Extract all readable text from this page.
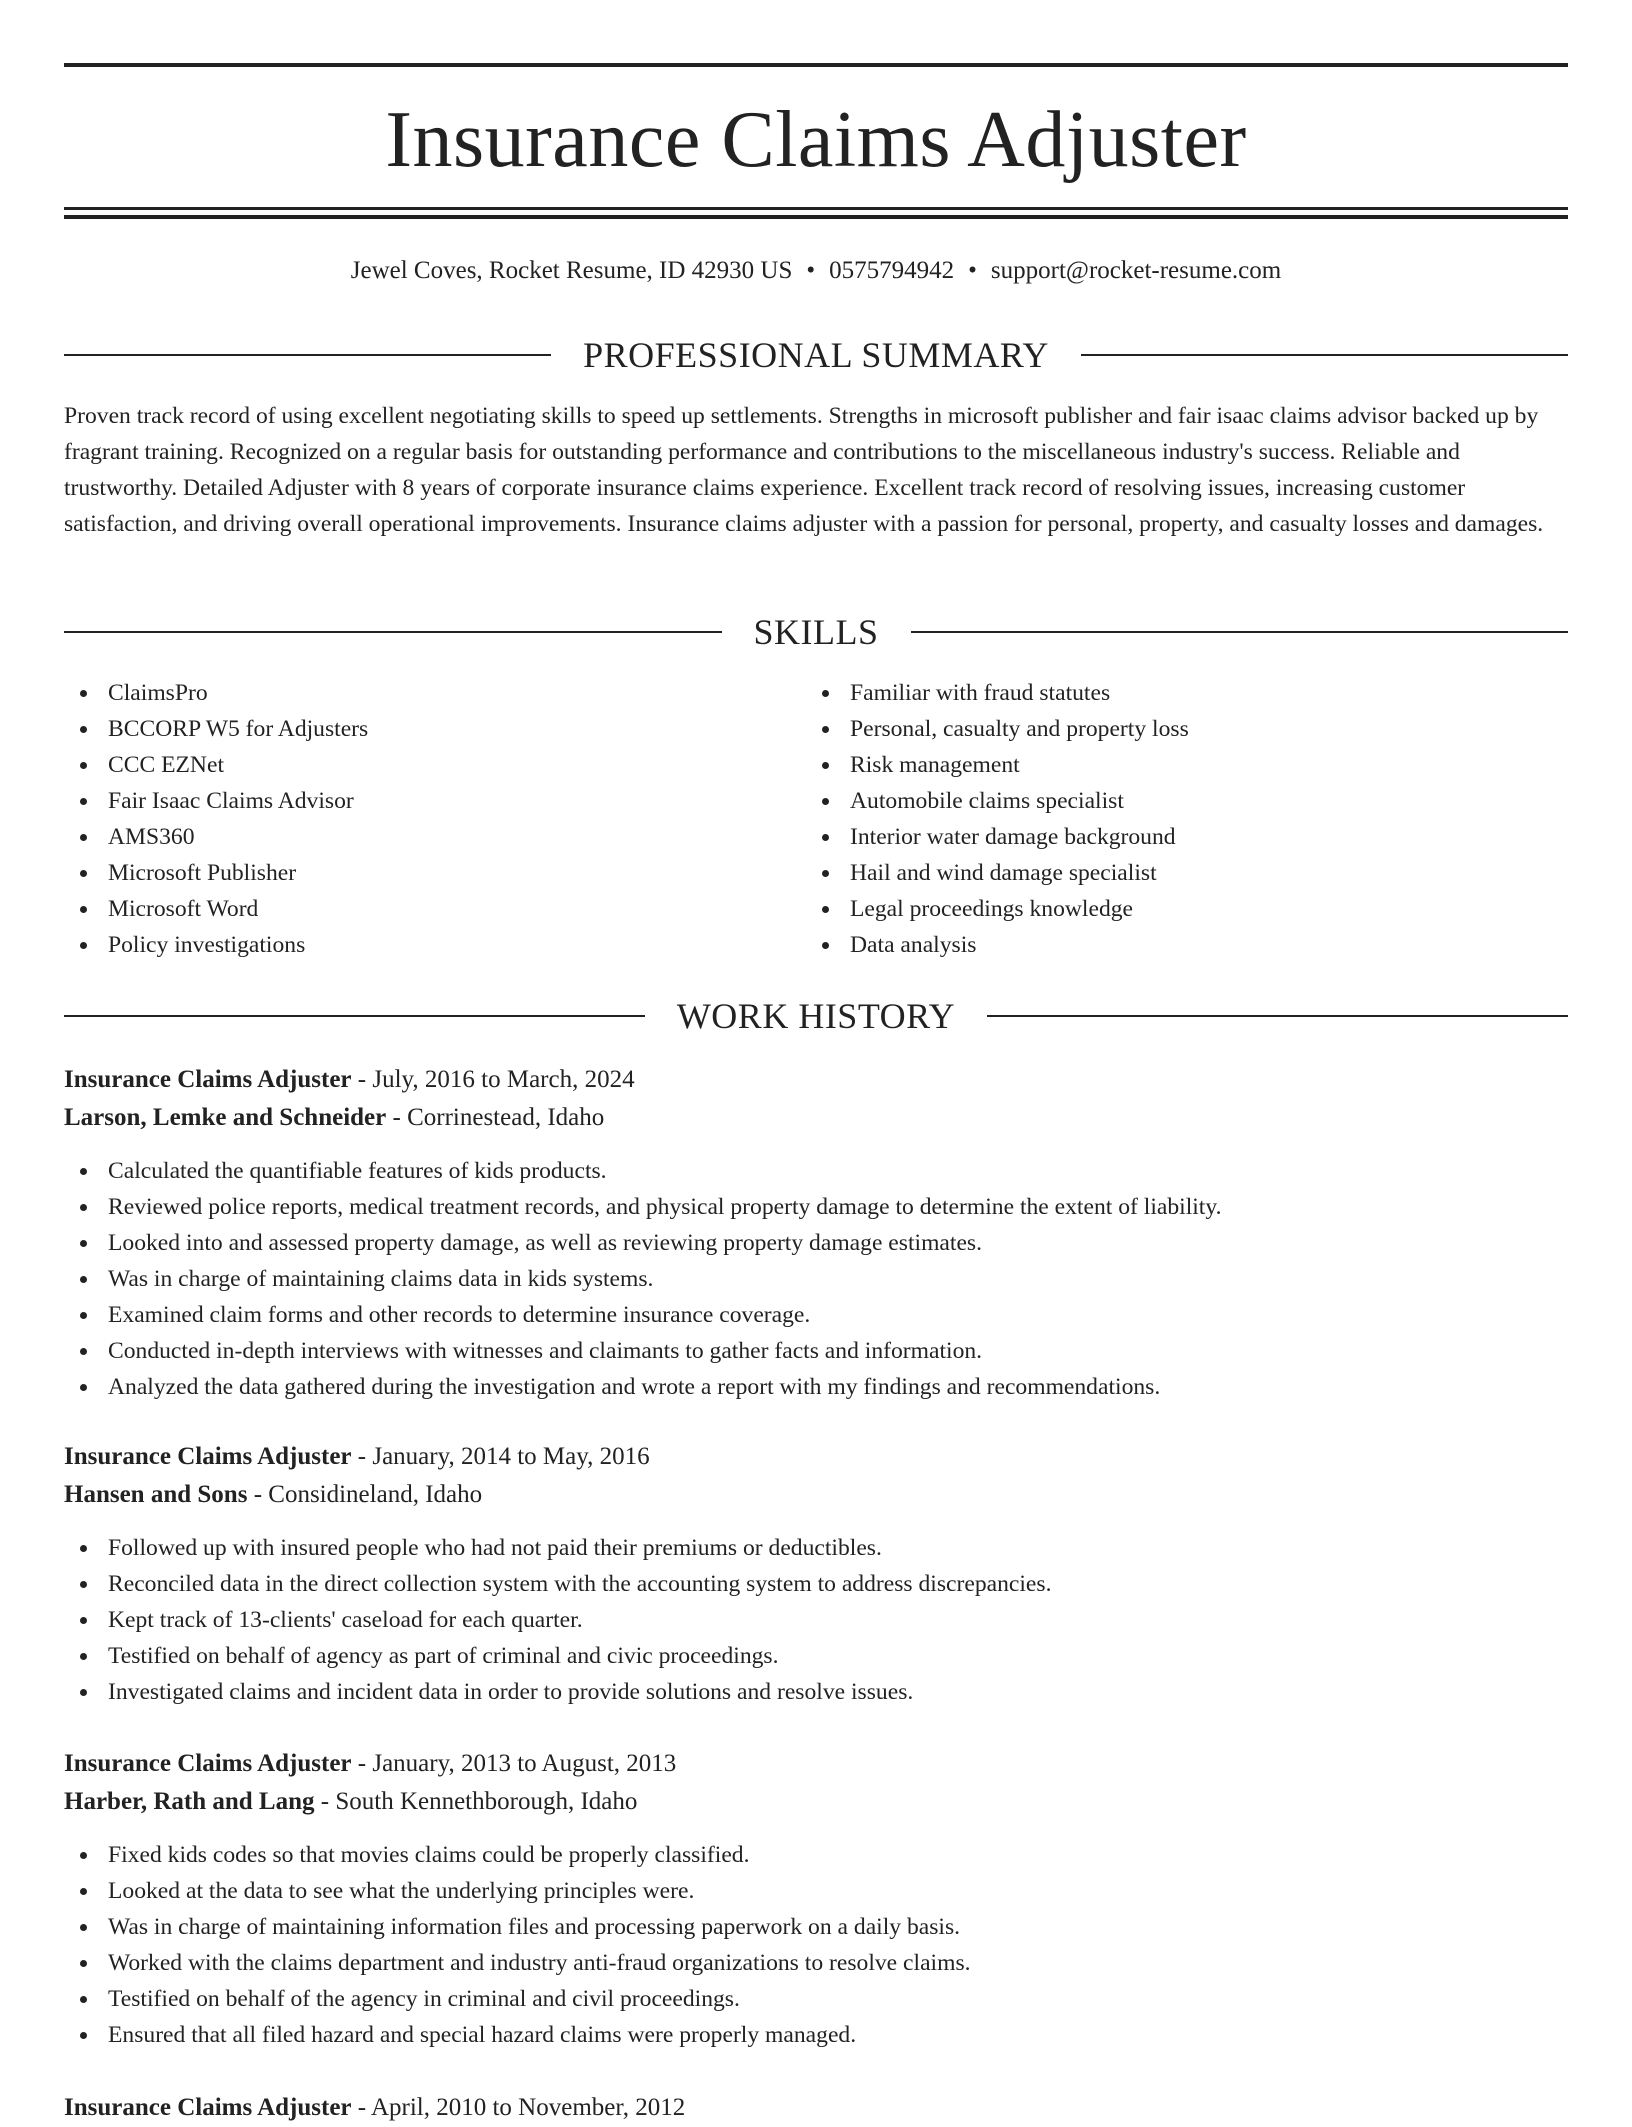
Insurance Claims Adjuster
Jewel Coves, Rocket Resume, ID 42930 US • 0575794942 • support@rocket-resume.com
PROFESSIONAL SUMMARY

Proven track record of using excellent negotiating skills to speed up settlements. Strengths in microsoft publisher and fair isaac claims advisor backed up by fragrant training. Recognized on a regular basis for outstanding performance and contributions to the miscellaneous industry's success. Reliable and trustworthy. Detailed Adjuster with 8 years of corporate insurance claims experience. Excellent track record of resolving issues, increasing customer satisfaction, and driving overall operational improvements. Insurance claims adjuster with a passion for personal, property, and casualty losses and damages.

SKILLS
ClaimsPro
BCCORP W5 for Adjusters
CCC EZNet
Fair Isaac Claims Advisor
AMS360
Microsoft Publisher
Microsoft Word
Policy investigations
Familiar with fraud statutes
Personal, casualty and property loss
Risk management
Automobile claims specialist
Interior water damage background
Hail and wind damage specialist
Legal proceedings knowledge
Data analysis
WORK HISTORY
Insurance Claims Adjuster - July, 2016 to March, 2024
Larson, Lemke and Schneider - Corrinestead, Idaho
Calculated the quantifiable features of kids products.
Reviewed police reports, medical treatment records, and physical property damage to determine the extent of liability.
Looked into and assessed property damage, as well as reviewing property damage estimates.
Was in charge of maintaining claims data in kids systems.
Examined claim forms and other records to determine insurance coverage.
Conducted in-depth interviews with witnesses and claimants to gather facts and information.
Analyzed the data gathered during the investigation and wrote a report with my findings and recommendations.
Insurance Claims Adjuster - January, 2014 to May, 2016
Hansen and Sons - Considineland, Idaho
Followed up with insured people who had not paid their premiums or deductibles.
Reconciled data in the direct collection system with the accounting system to address discrepancies.
Kept track of 13-clients' caseload for each quarter.
Testified on behalf of agency as part of criminal and civic proceedings.
Investigated claims and incident data in order to provide solutions and resolve issues.
Insurance Claims Adjuster - January, 2013 to August, 2013
Harber, Rath and Lang - South Kennethborough, Idaho
Fixed kids codes so that movies claims could be properly classified.
Looked at the data to see what the underlying principles were.
Was in charge of maintaining information files and processing paperwork on a daily basis.
Worked with the claims department and industry anti-fraud organizations to resolve claims.
Testified on behalf of the agency in criminal and civil proceedings.
Ensured that all filed hazard and special hazard claims were properly managed.
Insurance Claims Adjuster - April, 2010 to November, 2012
